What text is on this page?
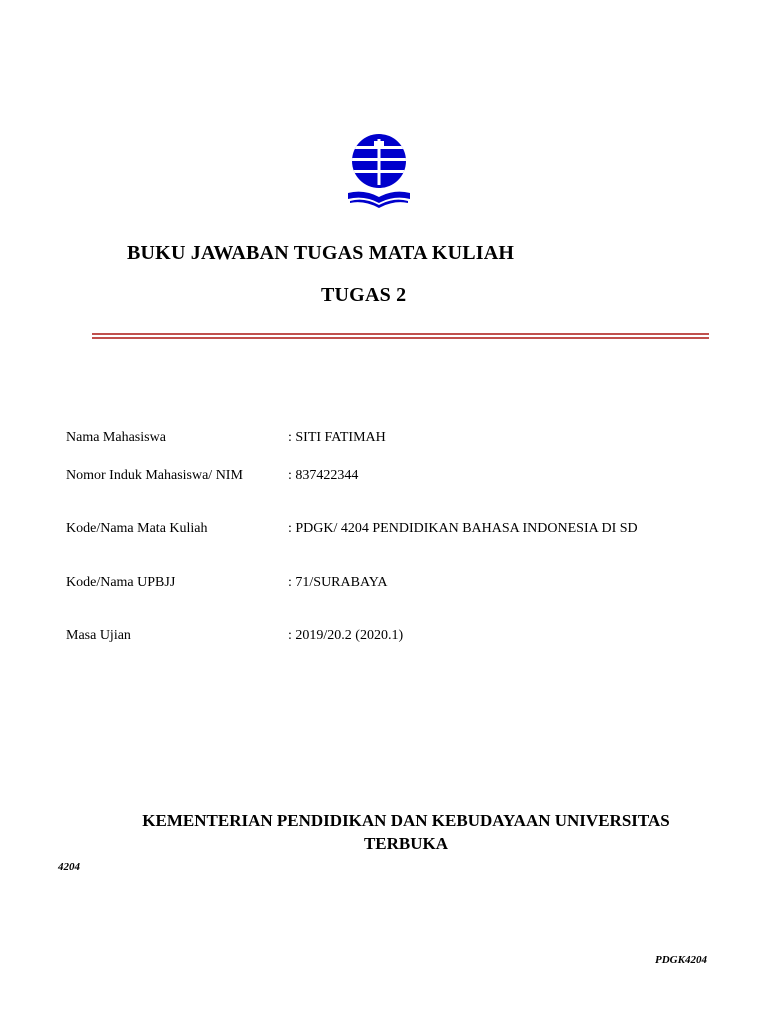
BUKU JAWABAN TUGAS MATA KULIAH
TUGAS 2
Nama Mahasiswa	: SITI FATIMAH
Nomor Induk Mahasiswa/ NIM	: 837422344
Kode/Nama Mata Kuliah	: PDGK/ 4204 PENDIDIKAN BAHASA INDONESIA DI SD
Kode/Nama UPBJJ	: 71/SURABAYA
Masa Ujian	: 2019/20.2 (2020.1)
KEMENTERIAN PENDIDIKAN DAN KEBUDAYAAN UNIVERSITAS
TERBUKA
4204
PDGK4204
